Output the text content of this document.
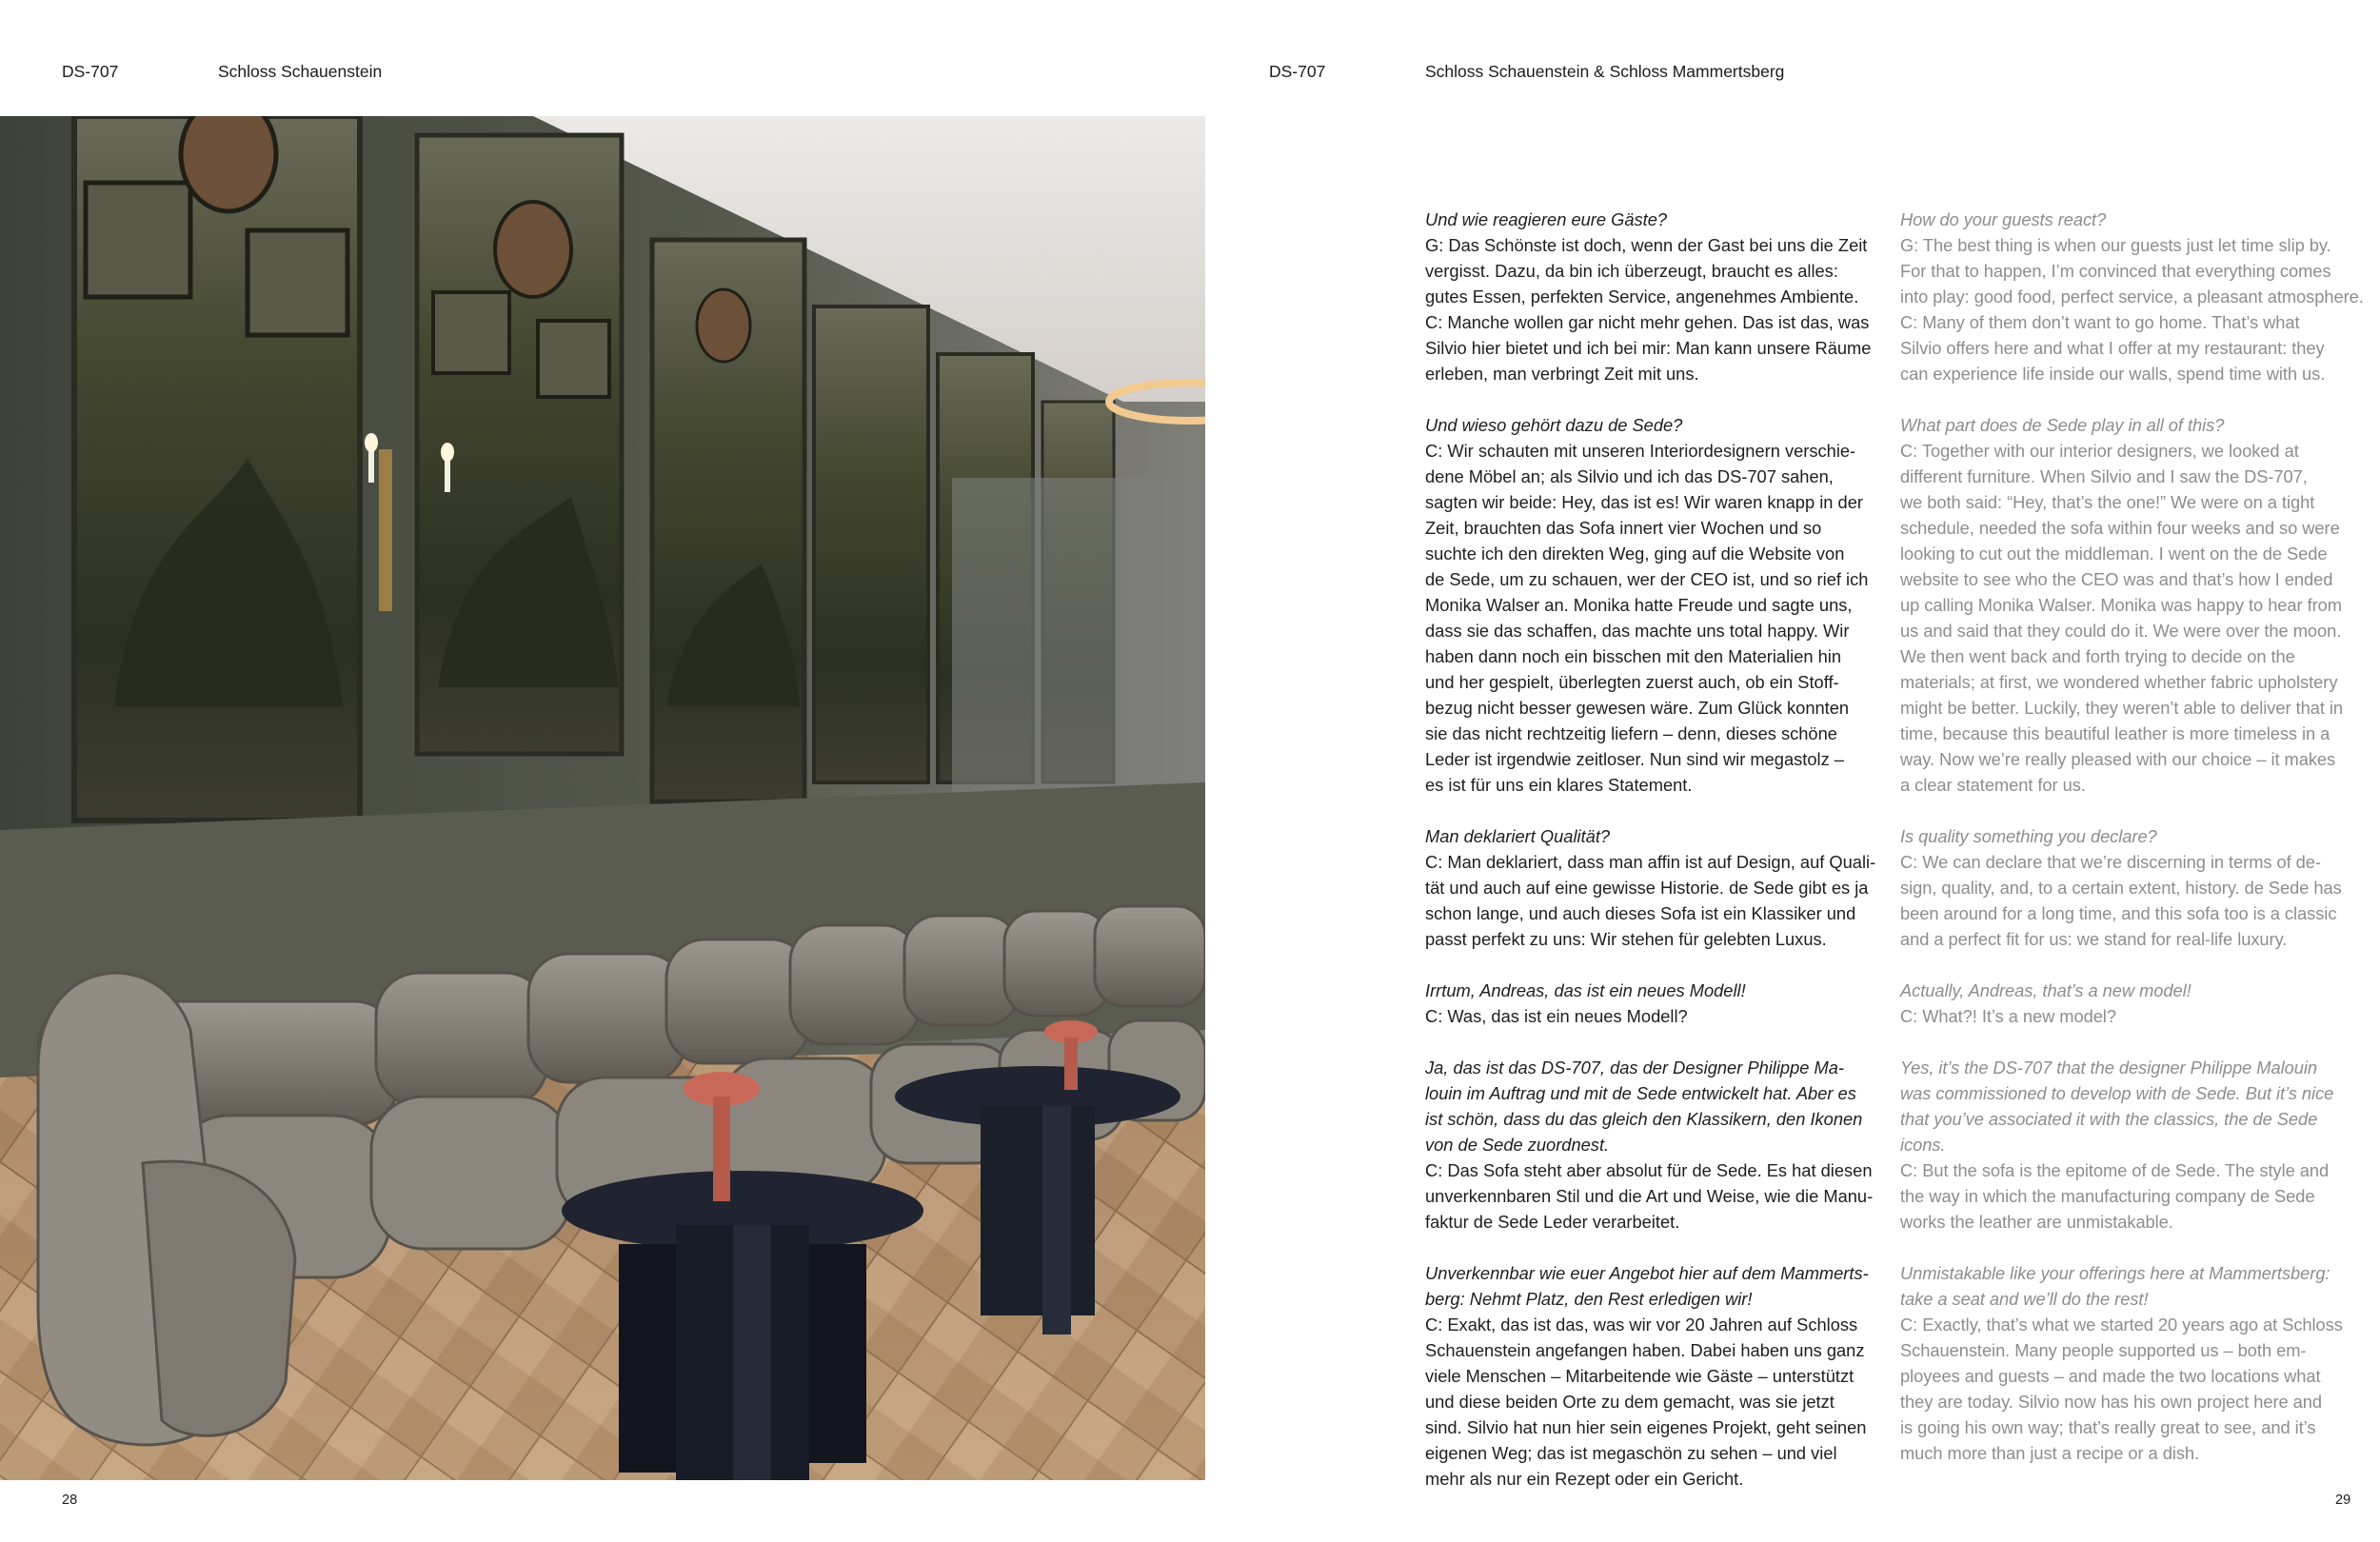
DS-707	Schloss Schauenstein
28
DS-707	Schloss Schauenstein & Schloss Mammertsberg
29

Und wie reagieren eure Gäste?

G: Das Schönste ist doch, wenn der Gast bei uns die Zeit

vergisst. Dazu, da bin ich überzeugt, braucht es alles:

gutes Essen, perfekten Service, angenehmes Ambiente.

C: Manche wollen gar nicht mehr gehen. Das ist das, was

Silvio hier bietet und ich bei mir: Man kann unsere Räume

erleben, man verbringt Zeit mit uns.

Und wieso gehört dazu de Sede?

C: Wir schauten mit unseren Interiordesignern verschie-

dene Möbel an; als Silvio und ich das DS-707 sahen,

sagten wir beide: Hey, das ist es! Wir waren knapp in der

Zeit, brauchten das Sofa innert vier Wochen und so

suchte ich den direkten Weg, ging auf die Website von

de Sede, um zu schauen, wer der CEO ist, und so rief ich

Monika Walser an. Monika hatte Freude und sagte uns,

dass sie das schaffen, das machte uns total happy. Wir

haben dann noch ein bisschen mit den Materialien hin

und her gespielt, überlegten zuerst auch, ob ein Stoff-

bezug nicht besser gewesen wäre. Zum Glück konnten

sie das nicht rechtzeitig liefern – denn, dieses schöne

Leder ist irgendwie zeitloser. Nun sind wir megastolz –

es ist für uns ein klares Statement.

Man deklariert Qualität?

C: Man deklariert, dass man affin ist auf Design, auf Quali-

tät und auch auf eine gewisse Historie. de Sede gibt es ja

schon lange, und auch dieses Sofa ist ein Klassiker und

passt perfekt zu uns: Wir stehen für gelebten Luxus.

Irrtum, Andreas, das ist ein neues Modell!

C: Was, das ist ein neues Modell?

Ja, das ist das DS-707, das der Designer Philippe Ma-

louin im Auftrag und mit de Sede entwickelt hat. Aber es

ist schön, dass du das gleich den Klassikern, den Ikonen

von de Sede zuordnest.

C: Das Sofa steht aber absolut für de Sede. Es hat diesen

unverkennbaren Stil und die Art und Weise, wie die Manu-

faktur de Sede Leder verarbeitet.

Unverkennbar wie euer Angebot hier auf dem Mammerts-

berg: Nehmt Platz, den Rest erledigen wir!

C: Exakt, das ist das, was wir vor 20 Jahren auf Schloss

Schauenstein angefangen haben. Dabei haben uns ganz

viele Menschen – Mitarbeitende wie Gäste – unterstützt

und diese beiden Orte zu dem gemacht, was sie jetzt

sind. Silvio hat nun hier sein eigenes Projekt, geht seinen

eigenen Weg; das ist megaschön zu sehen – und viel

mehr als nur ein Rezept oder ein Gericht.

How do your guests react?

G: The best thing is when our guests just let time slip by.

For that to happen, I’m convinced that everything comes

into play: good food, perfect service, a pleasant atmosphere.

C: Many of them don’t want to go home. That’s what

Silvio offers here and what I offer at my restaurant: they

can experience life inside our walls, spend time with us.

What part does de Sede play in all of this?

C: Together with our interior designers, we looked at

different furniture. When Silvio and I saw the DS-707,

we both said: “Hey, that’s the one!” We were on a tight

schedule, needed the sofa within four weeks and so were

looking to cut out the middleman. I went on the de Sede

website to see who the CEO was and that’s how I ended

up calling Monika Walser. Monika was happy to hear from

us and said that they could do it. We were over the moon.

We then went back and forth trying to decide on the

materials; at first, we wondered whether fabric upholstery

might be better. Luckily, they weren’t able to deliver that in

time, because this beautiful leather is more timeless in a

way. Now we’re really pleased with our choice – it makes

a clear statement for us.

Is quality something you declare?

C: We can declare that we’re discerning in terms of de-

sign, quality, and, to a certain extent, history. de Sede has

been around for a long time, and this sofa too is a classic

and a perfect fit for us: we stand for real-life luxury.

Actually, Andreas, that’s a new model!

C: What?! It’s a new model?

Yes, it’s the DS-707 that the designer Philippe Malouin

was commissioned to develop with de Sede. But it’s nice

that you’ve associated it with the classics, the de Sede

icons.

C: But the sofa is the epitome of de Sede. The style and

the way in which the manufacturing company de Sede

works the leather are unmistakable.

Unmistakable like your offerings here at Mammertsberg:

take a seat and we’ll do the rest!

C: Exactly, that’s what we started 20 years ago at Schloss

Schauenstein. Many people supported us – both em-

ployees and guests – and made the two locations what

they are today. Silvio now has his own project here and

is going his own way; that’s really great to see, and it’s

much more than just a recipe or a dish.
